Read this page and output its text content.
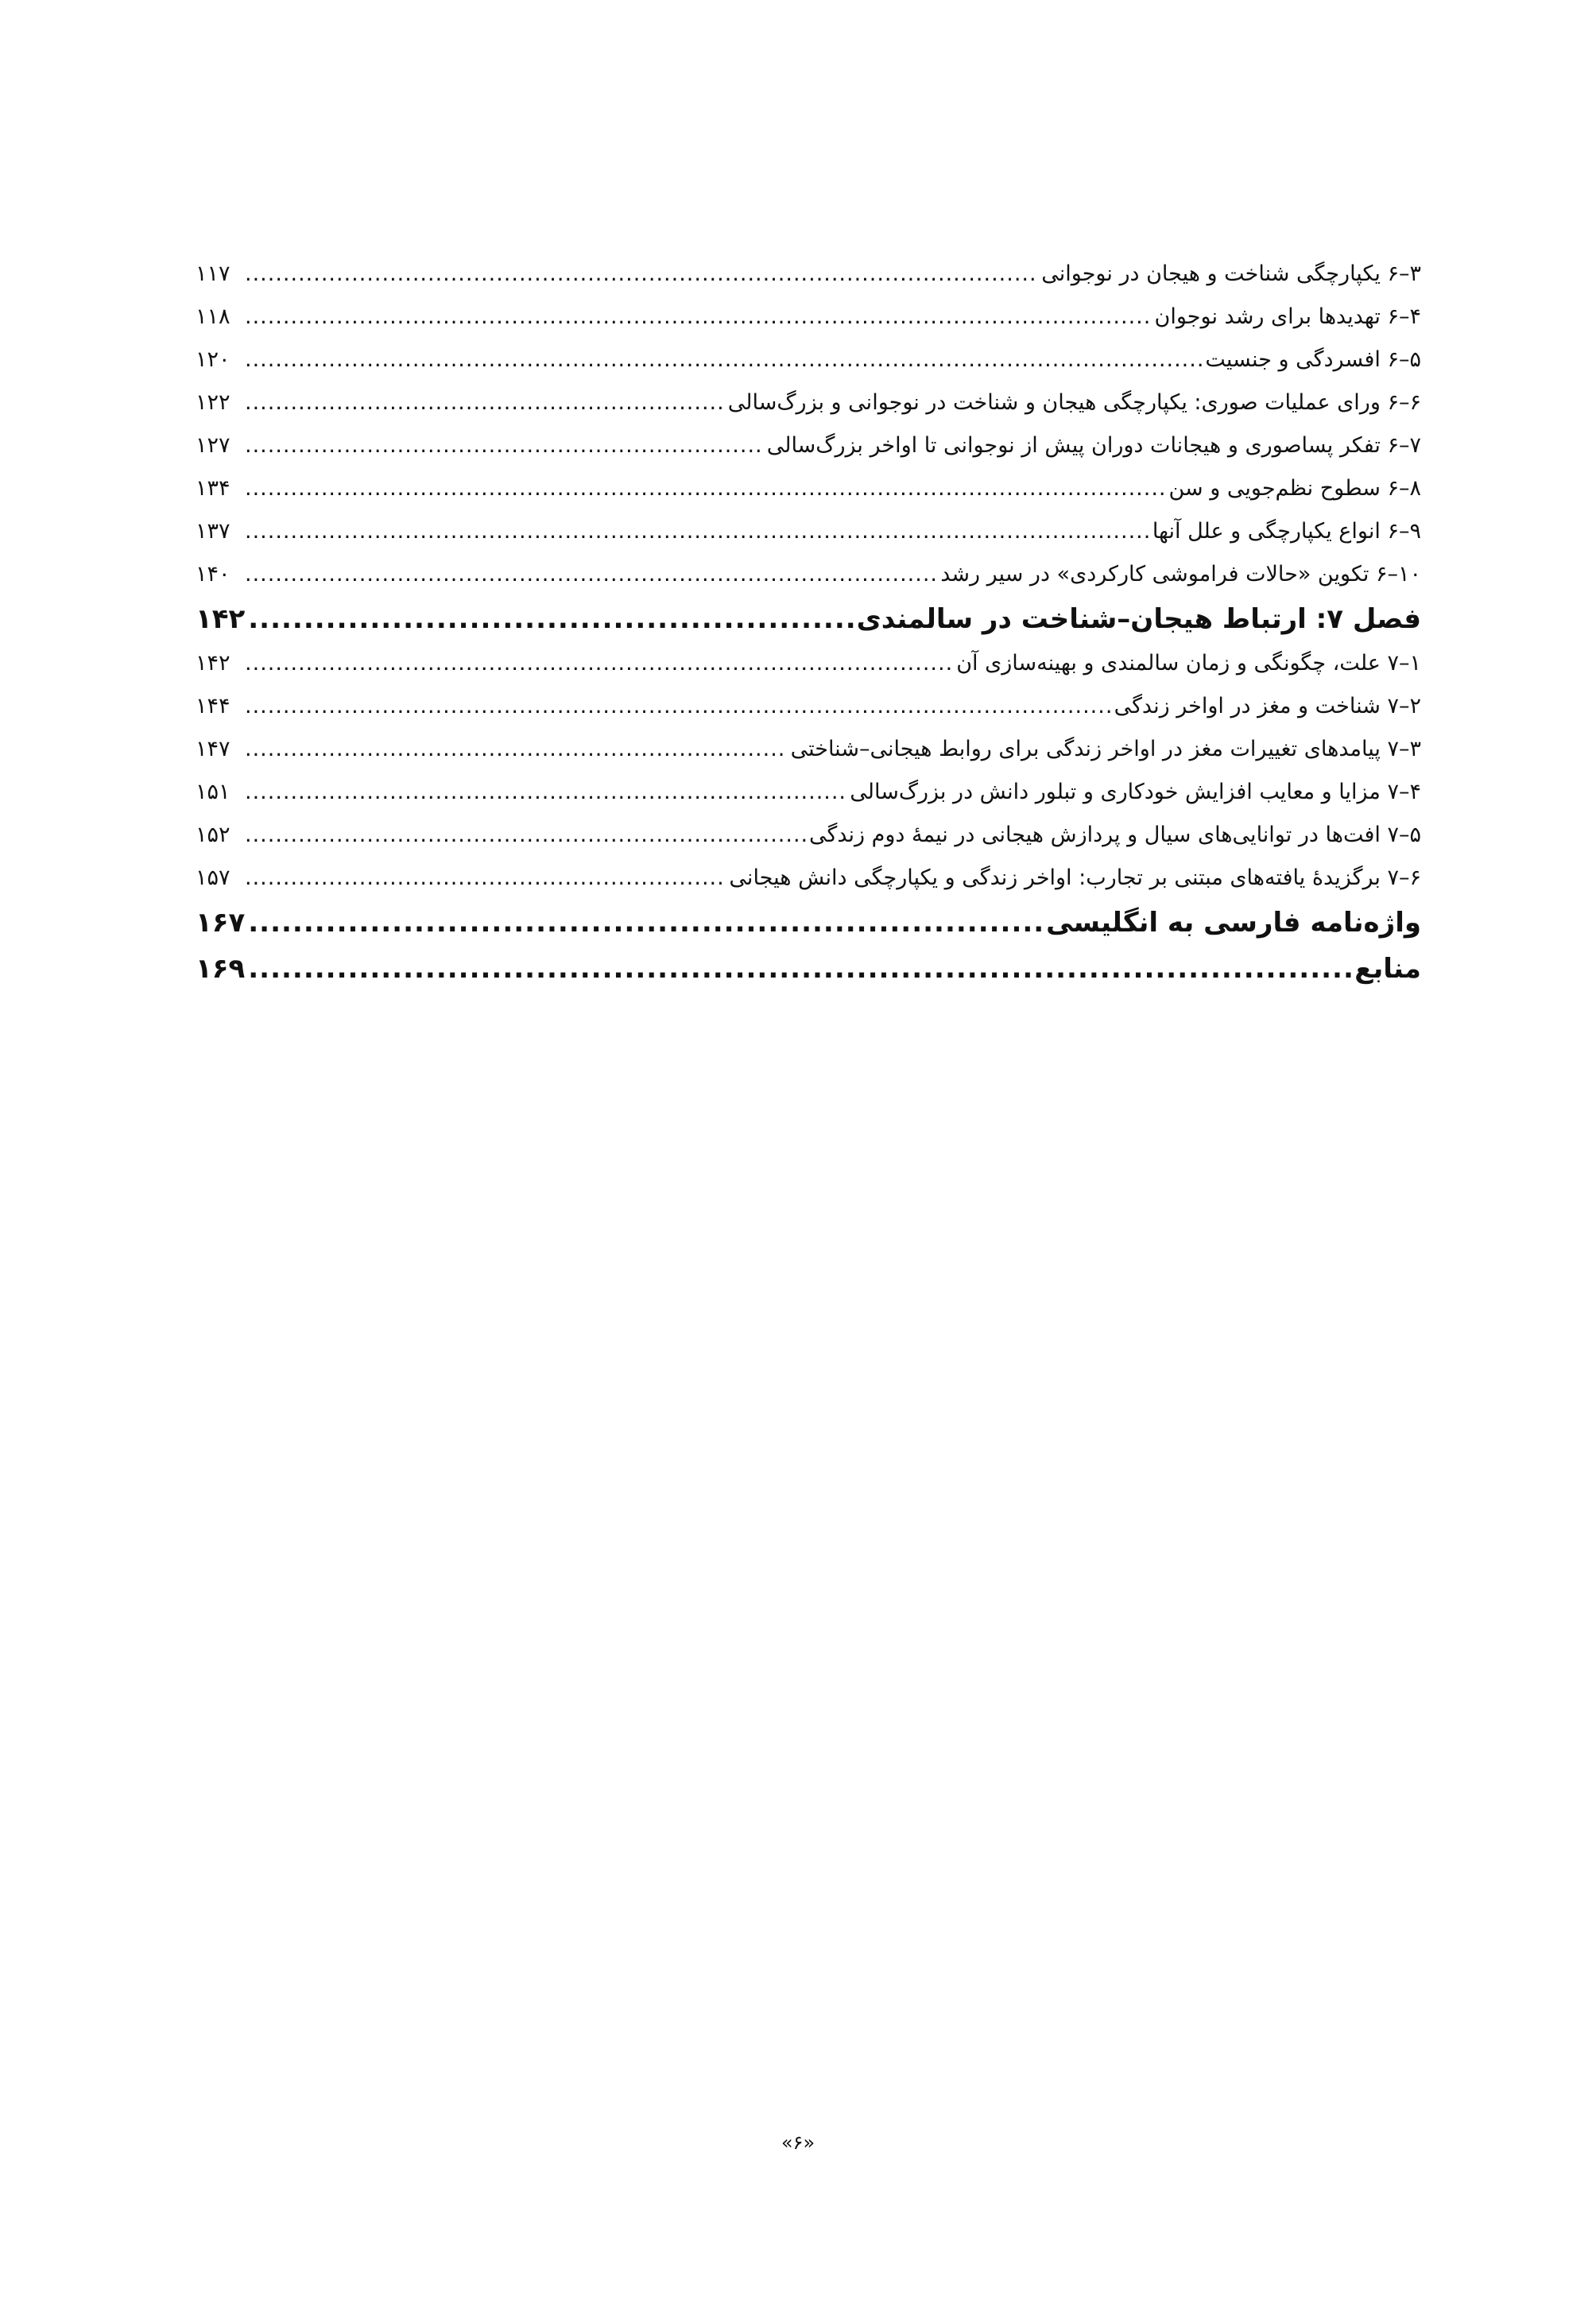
۳–۶ یکپارچگی شناخت و هیجان در نوجوانی
.....
۱۱۷
۴–۶ تهدیدها برای رشد نوجوان
.....
۱۱۸
۵–۶ افسردگی و جنسیت
.....
۱۲۰
۶–۶ ورای عملیات صوری: یکپارچگی هیجان و شناخت در نوجوانی و بزرگ‌سالی
.....
۱۲۲
۷–۶ تفکر پساصوری و هیجانات دوران پیش از نوجوانی تا اواخر بزرگ‌سالی
.....
۱۲۷
۸–۶ سطوح نظم‌جویی و سن
.....
۱۳۴
۹–۶ انواع یکپارچگی و علل آنها
.....
۱۳۷
۱۰–۶ تکوین «حالات فراموشی کارکردی» در سیر رشد
.....
۱۴۰
فصل ۷: ارتباط هیجان–شناخت در سالمندی
.....
۱۴۲
۱–۷ علت، چگونگی و زمان سالمندی و بهینه‌سازی آن
.....
۱۴۲
۲–۷ شناخت و مغز در اواخر زندگی
.....
۱۴۴
۳–۷ پیامدهای تغییرات مغز در اواخر زندگی برای روابط هیجانی–شناختی
.....
۱۴۷
۴–۷ مزایا و معایب افزایش خودکاری و تبلور دانش در بزرگ‌سالی
.....
۱۵۱
۵–۷ افت‌ها در توانایی‌های سیال و پردازش هیجانی در نیمهٔ دوم زندگی
.....
۱۵۲
۶–۷ برگزیدهٔ یافته‌های مبتنی بر تجارب: اواخر زندگی و یکپارچگی دانش هیجانی
.....
۱۵۷
واژه‌نامه فارسی به انگلیسی
.....
۱۶۷
منابع
.....
۱۶۹
«۶»
